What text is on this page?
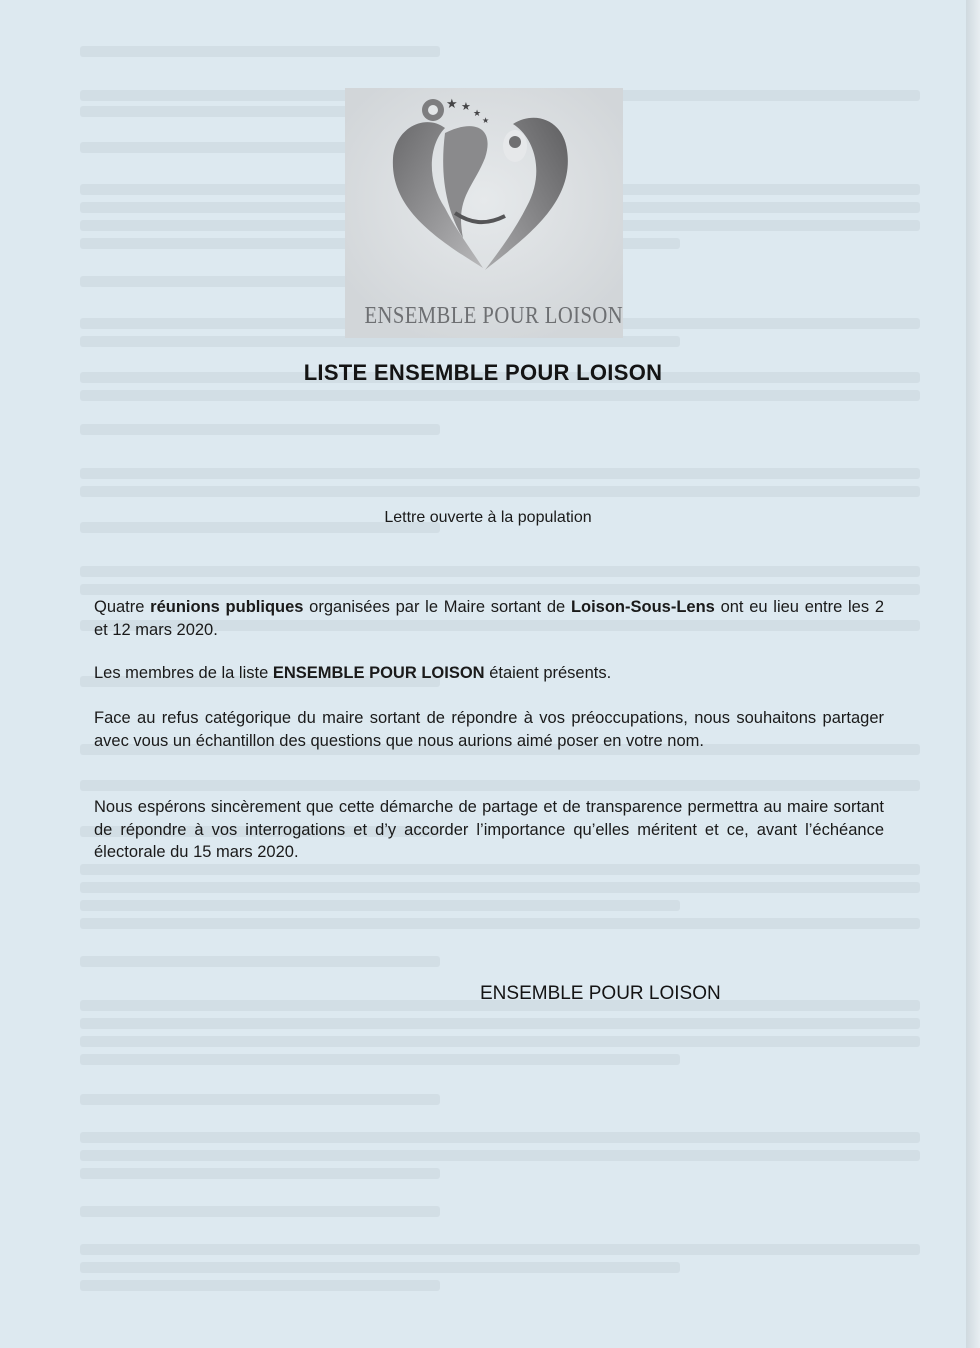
★ ★
★
★
ENSEMBLE POUR LOISON
LISTE ENSEMBLE POUR LOISON

Lettre ouverte à la population

Quatre réunions publiques organisées par le Maire sortant de Loison-Sous-Lens ont eu lieu entre les 2 et 12 mars 2020.

Les membres de la liste ENSEMBLE POUR LOISON étaient présents.

Face au refus catégorique du maire sortant de répondre à vos préoccupations, nous souhaitons partager avec vous un échantillon des questions que nous aurions aimé poser en votre nom.

Nous espérons sincèrement que cette démarche de partage et de transparence permettra au maire sortant de répondre à vos interrogations et d’y accorder l’importance qu’elles méritent et ce, avant l’échéance électorale du 15 mars 2020.

ENSEMBLE POUR LOISON
